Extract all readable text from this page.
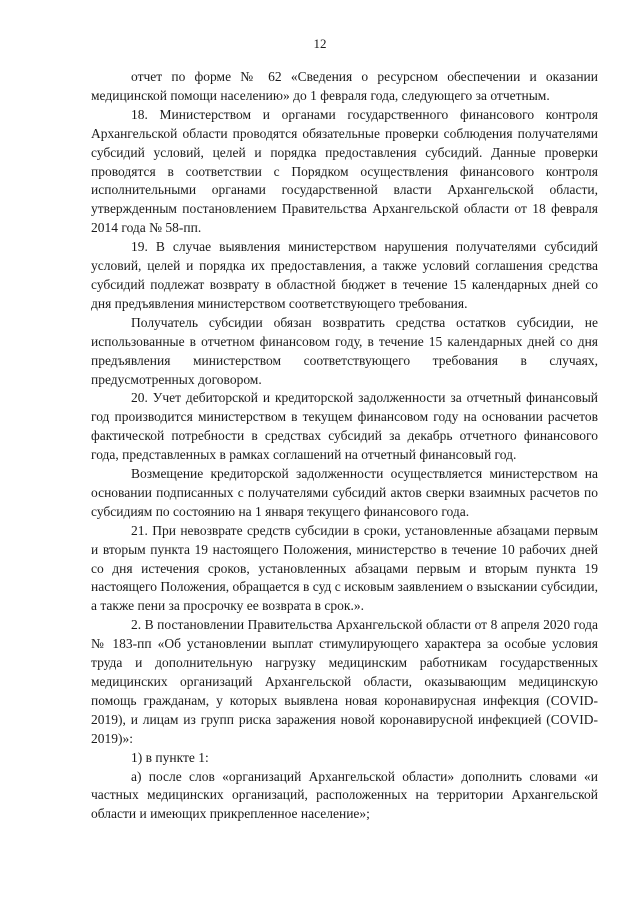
12

отчет по форме № 62 «Сведения о ресурсном обеспечении и оказании медицинской помощи населению» до 1 февраля года, следующего за отчетным.

18. Министерством и органами государственного финансового контроля Архангельской области проводятся обязательные проверки соблюдения получателями субсидий условий, целей и порядка предоставления субсидий. Данные проверки проводятся в соответствии с Порядком осуществления финансового контроля исполнительными органами государственной власти Архангельской области, утвержденным постановлением Правительства Архангельской области от 18 февраля 2014 года № 58-пп.

19. В случае выявления министерством нарушения получателями субсидий условий, целей и порядка их предоставления, а также условий соглашения средства субсидий подлежат возврату в областной бюджет в течение 15 календарных дней со дня предъявления министерством соответствующего требования.

Получатель субсидии обязан возвратить средства остатков субсидии, не использованные в отчетном финансовом году, в течение 15 календарных дней со дня предъявления министерством соответствующего требования в случаях, предусмотренных договором.

20. Учет дебиторской и кредиторской задолженности за отчетный финансовый год производится министерством в текущем финансовом году на основании расчетов фактической потребности в средствах субсидий за декабрь отчетного финансового года, представленных в рамках соглашений на отчетный финансовый год.

Возмещение кредиторской задолженности осуществляется министерством на основании подписанных с получателями субсидий актов сверки взаимных расчетов по субсидиям по состоянию на 1 января текущего финансового года.

21. При невозврате средств субсидии в сроки, установленные абзацами первым и вторым пункта 19 настоящего Положения, министерство в течение 10 рабочих дней со дня истечения сроков, установленных абзацами первым и вторым пункта 19 настоящего Положения, обращается в суд с исковым заявлением о взыскании субсидии, а также пени за просрочку ее возврата в срок.».

2. В постановлении Правительства Архангельской области от 8 апреля 2020 года № 183-пп «Об установлении выплат стимулирующего характера за особые условия труда и дополнительную нагрузку медицинским работникам государственных медицинских организаций Архангельской области, оказывающим медицинскую помощь гражданам, у которых выявлена новая коронавирусная инфекция (COVID-2019), и лицам из групп риска заражения новой коронавирусной инфекцией (COVID-2019)»:

1) в пункте 1:

а) после слов «организаций Архангельской области» дополнить словами «и частных медицинских организаций, расположенных на территории Архангельской области и имеющих прикрепленное население»;
